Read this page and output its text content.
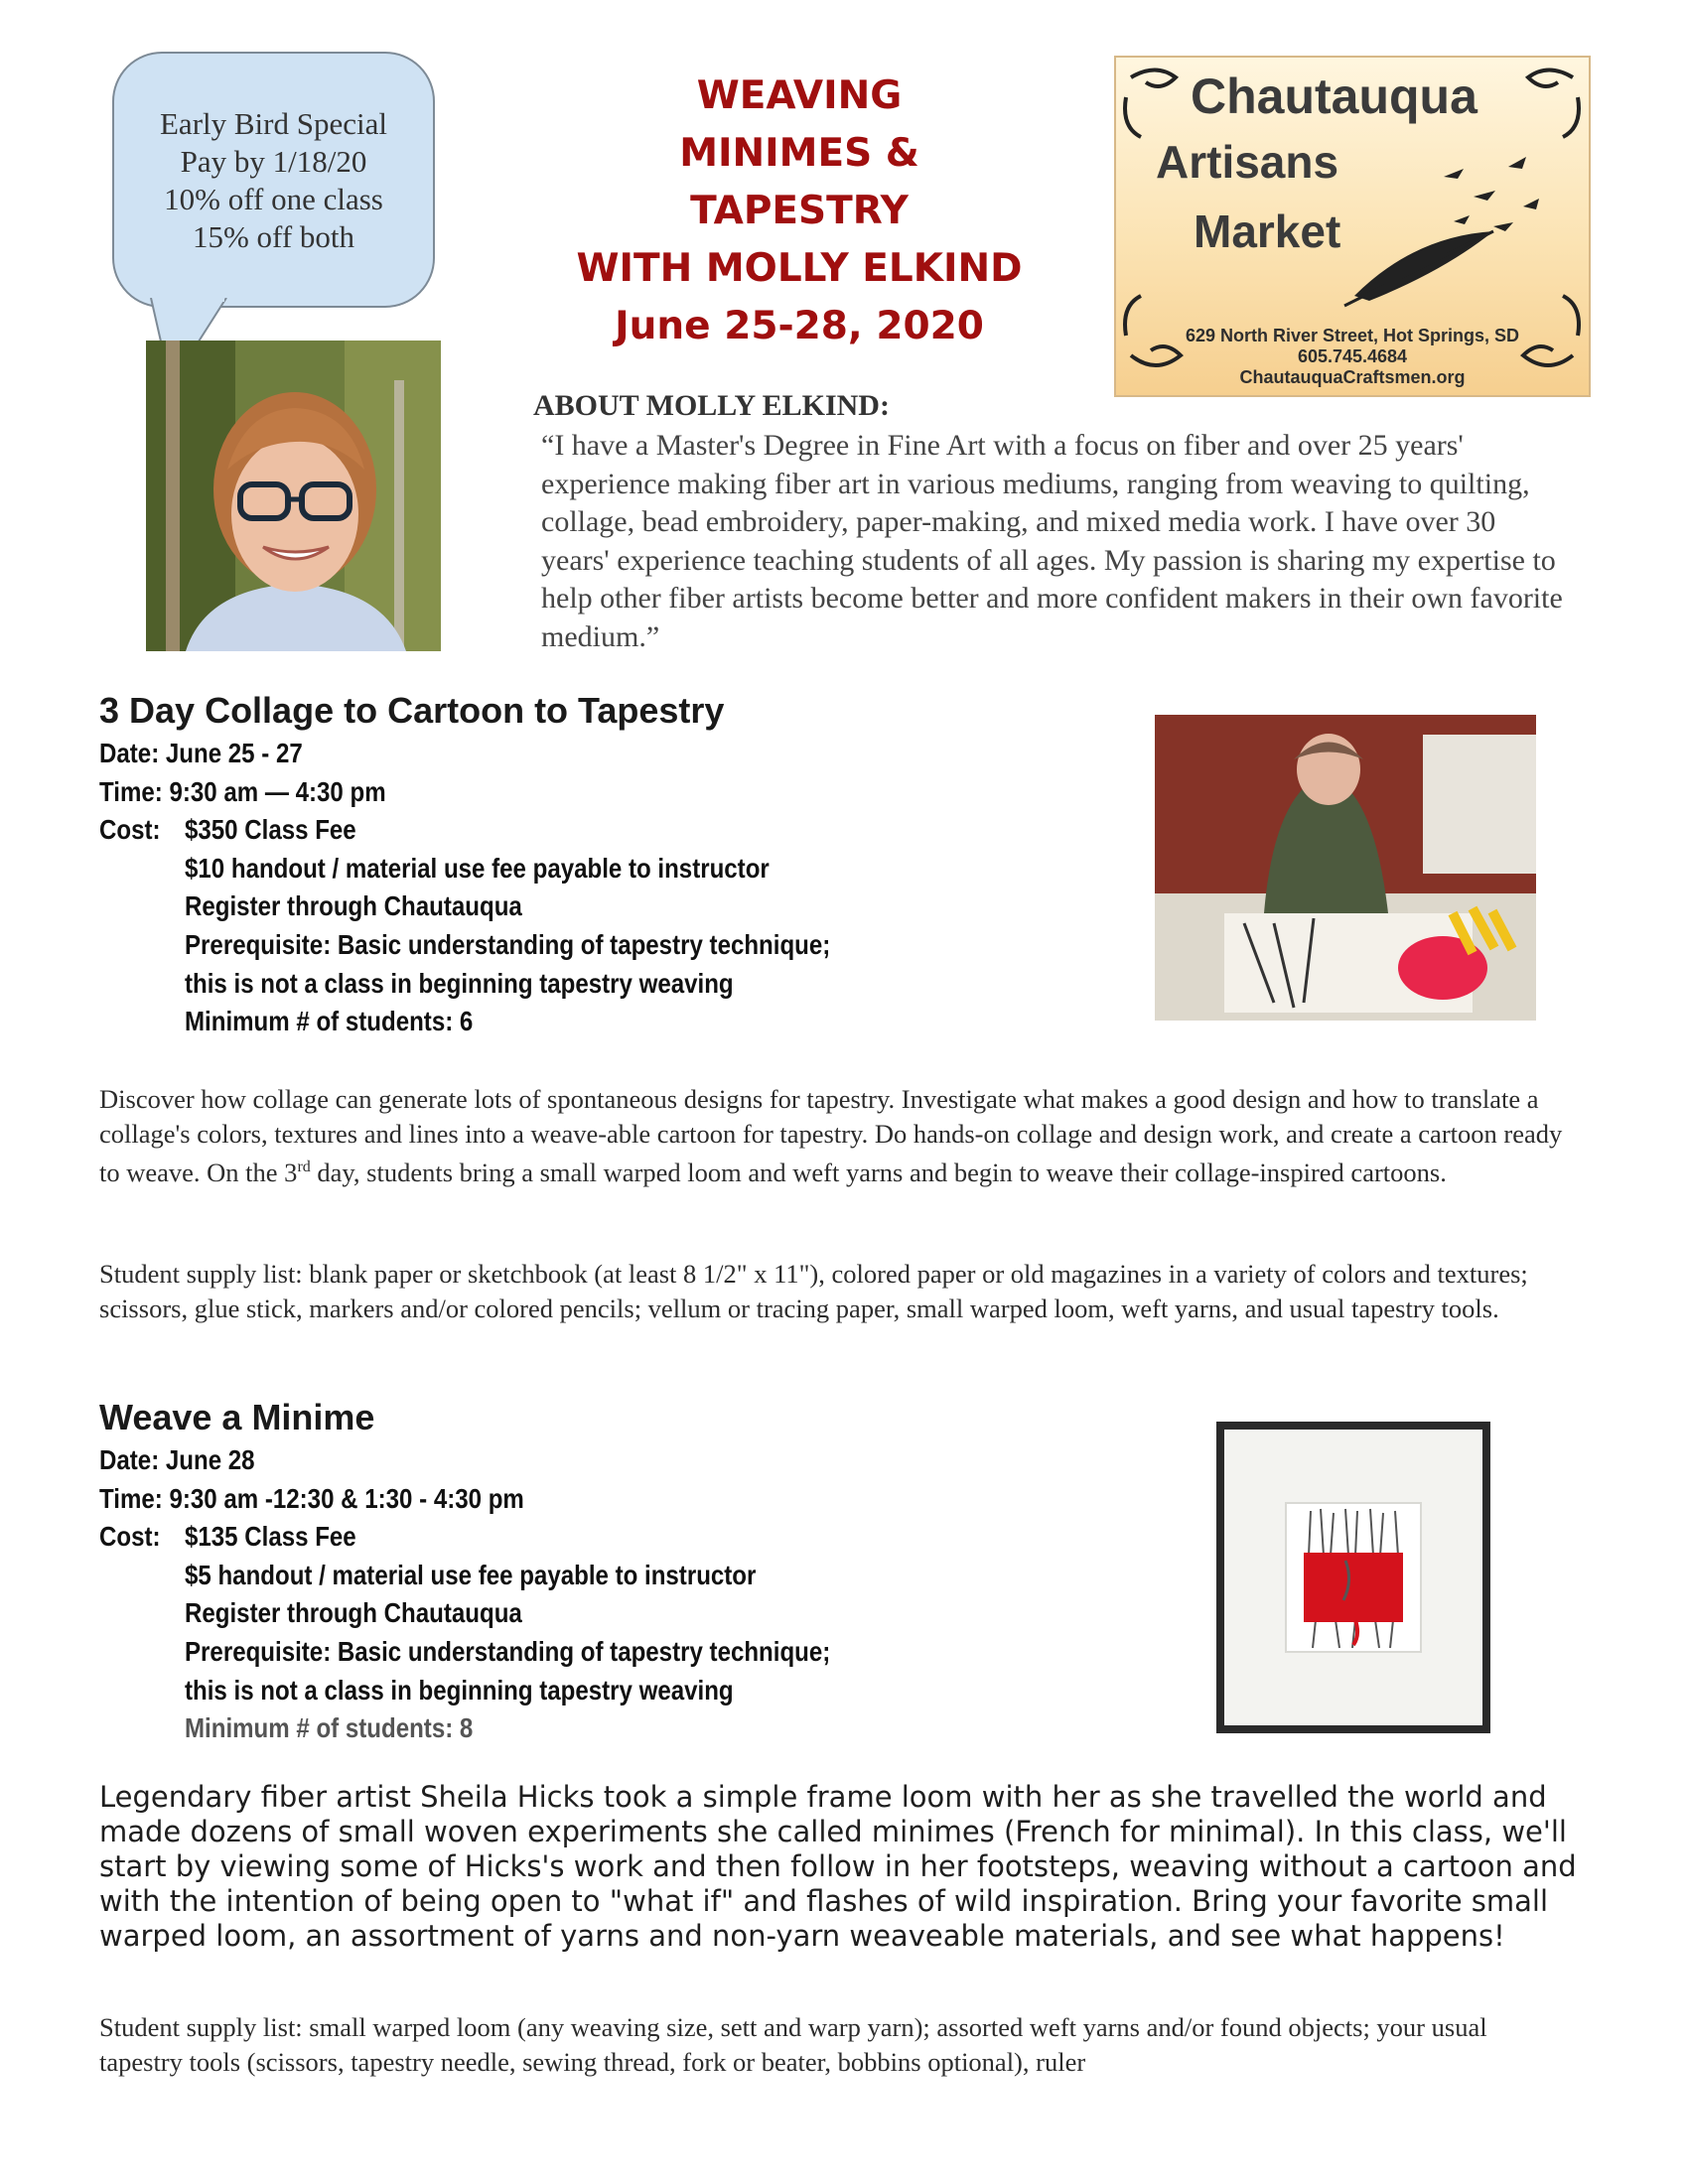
Early Bird Special
Pay by 1/18/20
10% off one class
15% off both
WEAVING
MINIMES &
TAPESTRY
WITH MOLLY ELKIND
June 25-28, 2020
Chautauqua
Artisans
Market
629 North River Street, Hot Springs, SD
605.745.4684
ChautauquaCraftsmen.org
ABOUT MOLLY ELKIND:
“I have a Master's Degree in Fine Art with a focus on fiber and over 25 years' experience making fiber art in various mediums, ranging from weaving to quilting, collage, bead embroidery, paper-making, and mixed media work. I have over 30 years' experience teaching students of all ages. My passion is sharing my expertise to help other fiber artists become better and more confident makers in their own favorite medium.”
3 Day Collage to Cartoon to Tapestry
Date: June 25 - 27
Time: 9:30 am — 4:30 pm
Cost: $350 Class Fee
$10 handout / material use fee payable to instructor
Register through Chautauqua
Prerequisite: Basic understanding of tapestry technique;
this is not a class in beginning tapestry weaving
Minimum # of students: 6
Discover how collage can generate lots of spontaneous designs for tapestry. Investigate what makes a good design and how to translate a collage's colors, textures and lines into a weave-able cartoon for tapestry. Do hands-on collage and design work, and create a cartoon ready to weave. On the 3rd day, students bring a small warped loom and weft yarns and begin to weave their collage-inspired cartoons.
Student supply list: blank paper or sketchbook (at least 8 1/2" x 11"), colored paper or old magazines in a variety of colors and textures; scissors, glue stick, markers and/or colored pencils; vellum or tracing paper, small warped loom, weft yarns, and usual tapestry tools.
Weave a Minime
Date: June 28
Time: 9:30 am -12:30 & 1:30 - 4:30 pm
Cost: $135 Class Fee
$5 handout / material use fee payable to instructor
Register through Chautauqua
Prerequisite: Basic understanding of tapestry technique;
this is not a class in beginning tapestry weaving
Minimum # of students: 8
Legendary fiber artist Sheila Hicks took a simple frame loom with her as she travelled the world and made dozens of small woven experiments she called minimes (French for minimal). In this class, we'll start by viewing some of Hicks's work and then follow in her footsteps, weaving without a cartoon and with the intention of being open to "what if" and flashes of wild inspiration. Bring your favorite small warped loom, an assortment of yarns and non-yarn weaveable materials, and see what happens!
Student supply list: small warped loom (any weaving size, sett and warp yarn); assorted weft yarns and/or found objects; your usual tapestry tools (scissors, tapestry needle, sewing thread, fork or beater, bobbins optional), ruler
